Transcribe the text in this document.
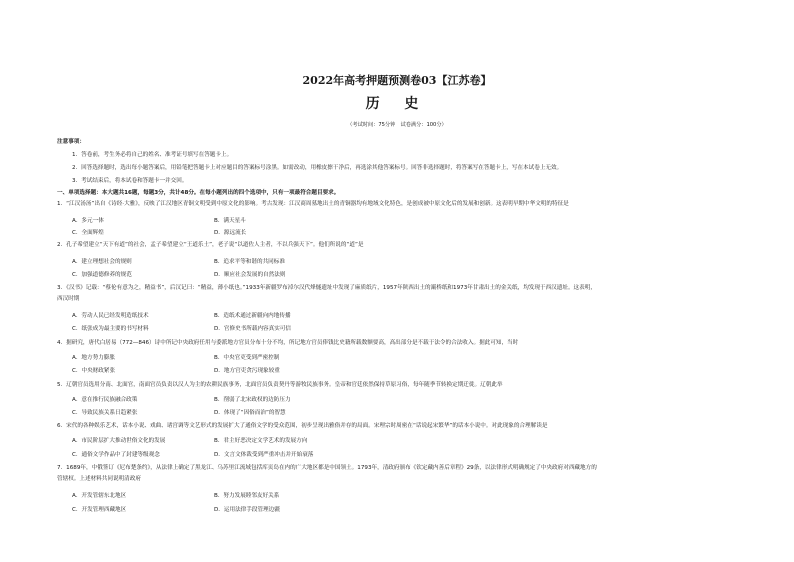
2022年高考押题预测卷03【江苏卷】
历 史
（考试时间：75分钟　试卷满分：100分）
注意事项：
1．答卷前，考生务必将自己的姓名、准考证号填写在答题卡上。
2．回答选择题时，选出每小题答案后，用铅笔把答题卡上对应题目的答案标号涂黑。如需改动，用橡皮擦干净后，再选涂其他答案标号。回答非选择题时，将答案写在答题卡上，写在本试卷上无效。
3．考试结束后，将本试卷和答题卡一并交回。
一、单项选择题：本大题共16题，每题3分，共计48分。在每小题列出的四个选项中，只有一项最符合题目要求。
1．“江汉汤汤”出自《诗经·大雅》，反映了江汉地区青铜文明受到中原文化的影响。考古发现：江汉商周墓地出土的青铜器均有地域文化特色，是创成被中原文化后的发展和创新。这表明早期中华文明的特征是
A．多元一体	B．满天星斗
C．全面辉煌	D．源远流长
2．孔子希望建立“天下有道”的社会，孟子希望建立“王道乐土”，老子说“以道佐人主者，不以兵强天下”。他们所说的“道”是
A．建立理想社会的规则	B．追求平等和谐的共同标准
C．加强道德修养的规范	D．顺应社会发展的自然法则
3．《汉书》记载：“蔡伦有意为之，精益书”，后汉记曰：“精益，薄小纸也。”1933年新疆罗布淖尔汉代烽燧遗址中发现了麻质纸片，1957年陕西出土的灞桥纸和1973年甘肃出土的金关纸，均发现于西汉遗址。这表明，
西汉时期
A．劳动人民已经发明造纸技术	B．造纸术通过新疆向内地传播
C．纸张成为最主要的书写材料	D．官修史书所载内容真实可信
4．据研究，唐代白居易（772—846）诗中所记中央政府任用与委派地方官员分布十分不均，所记地方官员俸钱比史籍所载数额要高，高出部分是不载于法令的合法收入。据此可知，当时
A．地方势力膨胀	B．中央官吏受到严密控制
C．中央财政紧张	D．地方官吏贪污现象较重
5．辽朝官员选用分南、北面官，南面官员负责以汉人为主的农耕民族事务，北面官员负责契丹等游牧民族事务。皇帝和官廷依然保持草原习俗，每年随季节转换定期迁徙。辽朝此举
A．意在推行民族融合政策	B．削弱了北宋政权的边防压力
C．导致民族关系日趋紧张	D．体现了“因俗而治”的智慧
6．宋代的各种娱乐艺术，话本小说、戏曲、诸宫调等文艺形式的发展扩大了通俗文学的受众范围，初步呈现出雅俗并存的局面。宋理宗时周密在“话说起宋繁华”的话本小说中。对此现象的合理解读是
A．市民阶层扩大推动世俗文化的发展	B．君主好恶决定文学艺术的发展方向
C．通俗文学作品中了封建等级观念	D．文言文体裁受到严重冲击并开始衰落
7．1689年，中俄签订《尼布楚条约》，从法律上确定了黑龙江、乌苏里江流域包括库页岛在内的广大地区都是中国领土。1793年，清政府颁布《钦定藏内善后章程》29条，以法律形式明确规定了中央政府对西藏地方的
管辖权。上述材料共同说明清政府
A．开发管辖东北地区	B．努力发展睦邻友好关系
C．开发管理西藏地区	D．运用法律手段管理边疆
